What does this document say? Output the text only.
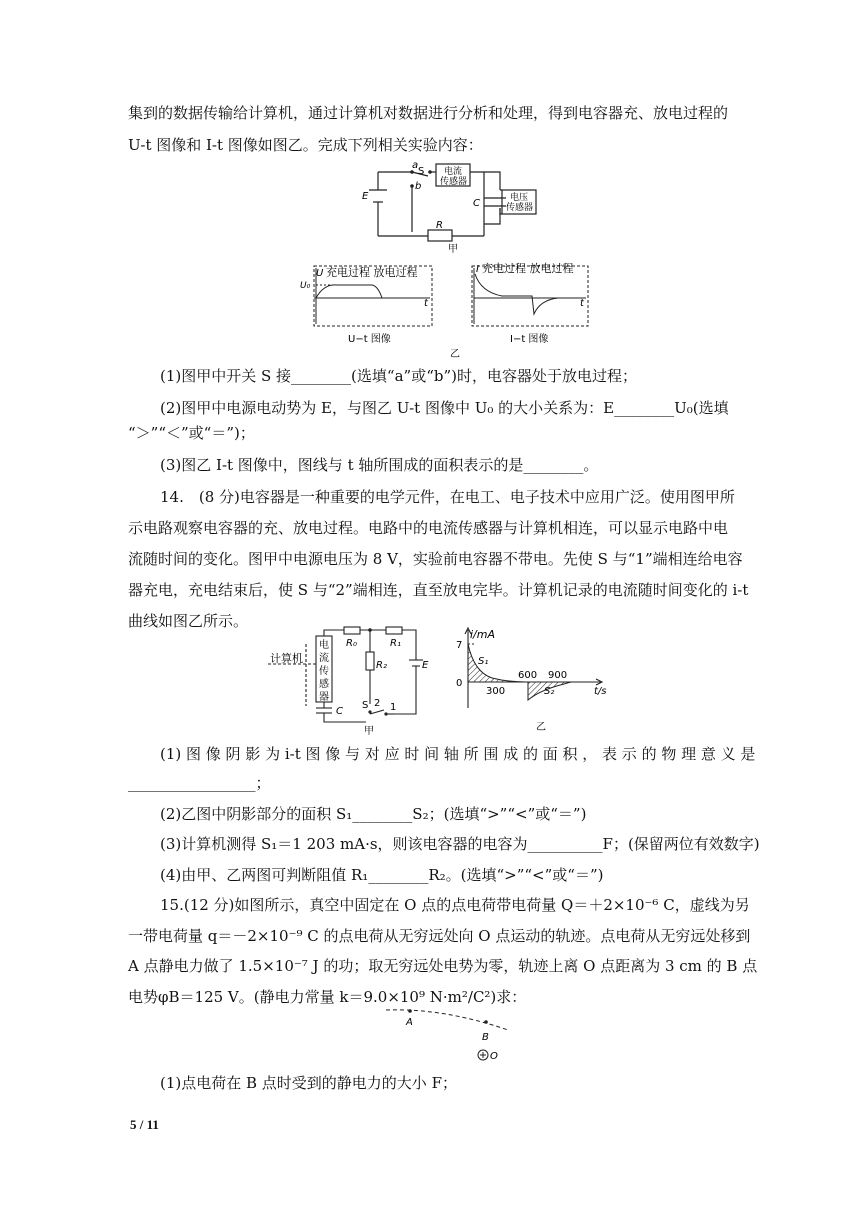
集到的数据传输给计算机，通过计算机对数据进行分析和处理，得到电容器充、放电过程的
U-t 图像和 I-t 图像如图乙。完成下列相关实验内容：
a
S
b
E
C
R
电流
传感器
电压
传感器
甲
U
U₀
充电过程 放电过程
t
U−t 图像
I 充电过程 放电过程
t
I−t 图像
乙
(1)图甲中开关 S 接________(选填“a”或“b”)时，电容器处于放电过程；
(2)图甲中电源电动势为 E，与图乙 U-t 图像中 U₀ 的大小关系为：E________U₀(选填
“＞”“＜”或“＝”)；
(3)图乙 I-t 图像中，图线与 t 轴所围成的面积表示的是________。
14.　(8 分)电容器是一种重要的电学元件，在电工、电子技术中应用广泛。使用图甲所
示电路观察电容器的充、放电过程。电路中的电流传感器与计算机相连，可以显示电路中电
流随时间的变化。图甲中电源电压为 8 V，实验前电容器不带电。先使 S 与“1”端相连给电容
器充电，充电结束后，使 S 与“2”端相连，直至放电完毕。计算机记录的电流随时间变化的 i-t
曲线如图乙所示。
计算机
电
流
传
感
器
R₀	R₁
R₂	E
C
S 2 1
甲
i/mA
7
0
S₁
300
600 900
S₂	t/s
乙
(1) 图 像 阴 影 为 i-t 图 像 与 对 应 时 间 轴 所 围 成 的 面 积 ， 表 示 的 物 理 意 义 是
_________________；
(2)乙图中阴影部分的面积 S₁________S₂；(选填“>”“<”或“＝”)
(3)计算机测得 S₁＝1 203 mA·s，则该电容器的电容为__________F；(保留两位有效数字)
(4)由甲、乙两图可判断阻值 R₁________R₂。(选填“>”“<”或“＝”)
15.(12 分)如图所示，真空中固定在 O 点的点电荷带电荷量 Q＝＋2×10⁻⁶ C，虚线为另
一带电荷量 q＝－2×10⁻⁹ C 的点电荷从无穷远处向 O 点运动的轨迹。点电荷从无穷远处移到
A 点静电力做了 1.5×10⁻⁷ J 的功；取无穷远处电势为零，轨迹上离 O 点距离为 3 cm 的 B 点
电势φB＝125 V。(静电力常量 k＝9.0×10⁹ N·m²/C²)求：
A
B
O
(1)点电荷在 B 点时受到的静电力的大小 F；
5 / 11
